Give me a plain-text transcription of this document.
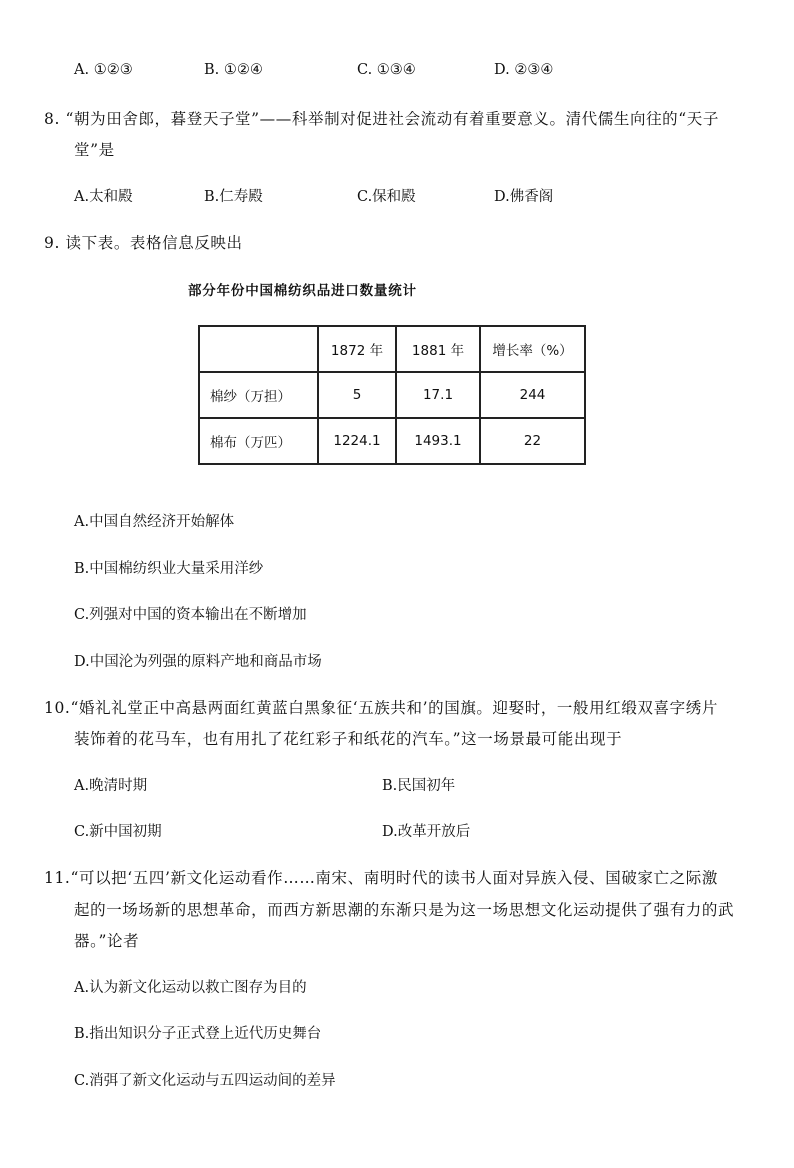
A. ①②③	B. ①②④	C. ①③④	D. ②③④
8. “朝为田舍郎，暮登天子堂”——科举制对促进社会流动有着重要意义。清代儒生向往的“天子
堂”是
A.太和殿	B.仁寿殿	C.保和殿	D.佛香阁
9. 读下表。表格信息反映出
部分年份中国棉纺织品进口数量统计
	1872 年	1881 年	增长率（%）
棉纱（万担）	5	17.1	244
棉布（万匹）	1224.1	1493.1	22
A.中国自然经济开始解体
B.中国棉纺织业大量采用洋纱
C.列强对中国的资本输出在不断增加
D.中国沦为列强的原料产地和商品市场
10.“婚礼礼堂正中高悬两面红黄蓝白黑象征‘五族共和’的国旗。迎娶时，一般用红缎双喜字绣片
装饰着的花马车，也有用扎了花红彩子和纸花的汽车。”这一场景最可能出现于
A.晚清时期	B.民国初年
C.新中国初期	D.改革开放后
11.“可以把‘五四’新文化运动看作……南宋、南明时代的读书人面对异族入侵、国破家亡之际激
起的一场场新的思想革命，而西方新思潮的东渐只是为这一场思想文化运动提供了强有力的武
器。”论者
A.认为新文化运动以救亡图存为目的
B.指出知识分子正式登上近代历史舞台
C.消弭了新文化运动与五四运动间的差异
